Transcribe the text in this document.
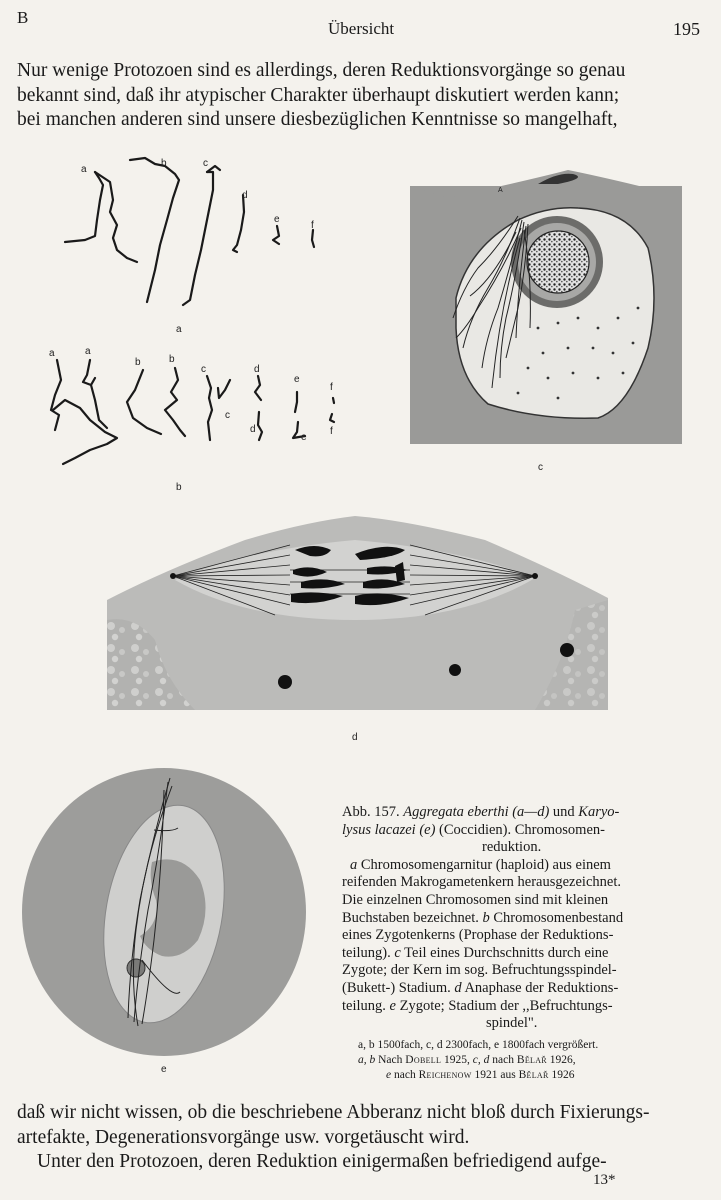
B
Übersicht	195
Nur wenige Protozoen sind es allerdings, deren Reduktionsvorgänge so genau
bekannt sind, daß ihr atypischer Charakter überhaupt diskutiert werden kann;
bei manchen anderen sind unsere diesbezüglichen Kenntnisse so mangelhaft,
a
b	c
d
e
f
a
a	a
b	b
c
c
d
d
e
e
f
f
b
A
c
d
e
Abb. 157. Aggregata eberthi (a—d) und Karyo-
lysus lacazei (e) (Coccidien). Chromosomen-
reduktion.
a Chromosomengarnitur (haploid) aus einem
reifenden Makrogametenkern herausgezeichnet.
Die einzelnen Chromosomen sind mit kleinen
Buchstaben bezeichnet. b Chromosomenbestand
eines Zygotenkerns (Prophase der Reduktions-
teilung). c Teil eines Durchschnitts durch eine
Zygote; der Kern im sog. Befruchtungsspindel-
(Bukett-) Stadium. d Anaphase der Reduktions-
teilung. e Zygote; Stadium der ,,Befruchtungs-
spindel".
a, b 1500fach, c, d 2300fach, e 1800fach vergrößert.
a, b Nach Dobell 1925, c, d nach Bělař 1926,
e nach Reichenow 1921 aus Bělař 1926
daß wir nicht wissen, ob die beschriebene Abberanz nicht bloß durch Fixierungs-
artefakte, Degenerationsvorgänge usw. vorgetäuscht wird.
Unter den Protozoen, deren Reduktion einigermaßen befriedigend aufge-
13*
